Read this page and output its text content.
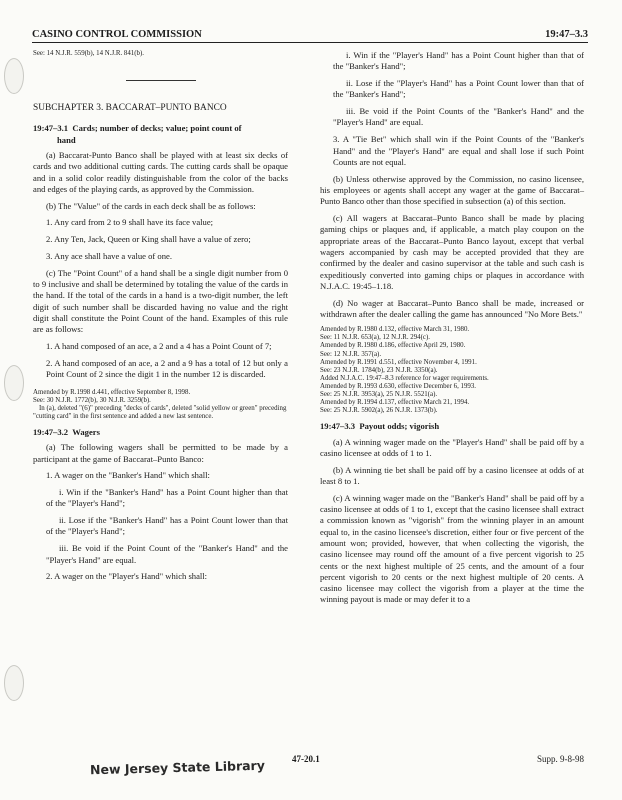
CASINO CONTROL COMMISSION	19:47–3.3

See: 14 N.J.R. 559(b), 14 N.J.R. 841(b).

SUBCHAPTER 3. BACCARAT–PUNTO BANCO

19:47–3.1 Cards; number of decks; value; point count of
hand

(a) Baccarat-Punto Banco shall be played with at least six decks of cards and two additional cutting cards. The cutting cards shall be opaque and in a solid color readily distinguishable from the color of the backs and edges of the playing cards, as approved by the Commission.

(b) The "Value" of the cards in each deck shall be as follows:

1. Any card from 2 to 9 shall have its face value;

2. Any Ten, Jack, Queen or King shall have a value of zero;

3. Any ace shall have a value of one.

(c) The "Point Count" of a hand shall be a single digit number from 0 to 9 inclusive and shall be determined by totaling the value of the cards in the hand. If the total of the cards in a hand is a two-digit number, the left digit of such number shall be discarded having no value and the right digit shall constitute the Point Count of the hand. Examples of this rule are as follows:

1. A hand composed of an ace, a 2 and a 4 has a Point Count of 7;

2. A hand composed of an ace, a 2 and a 9 has a total of 12 but only a Point Count of 2 since the digit 1 in the number 12 is discarded.

Amended by R.1998 d.441, effective September 8, 1998.

See: 30 N.J.R. 1772(b), 30 N.J.R. 3259(b).

In (a), deleted "(6)" preceding "decks of cards", deleted "solid yellow or green" preceding "cutting card" in the first sentence and added a new last sentence.

19:47–3.2 Wagers

(a) The following wagers shall be permitted to be made by a participant at the game of Baccarat–Punto Banco:

1. A wager on the "Banker's Hand" which shall:

i. Win if the "Banker's Hand" has a Point Count higher than that of the "Player's Hand";

ii. Lose if the "Banker's Hand" has a Point Count lower than that of the "Player's Hand";

iii. Be void if the Point Count of the "Banker's Hand" and the "Player's Hand" are equal.

2. A wager on the "Player's Hand" which shall:

i. Win if the "Player's Hand" has a Point Count higher than that of the "Banker's Hand";

ii. Lose if the "Player's Hand" has a Point Count lower than that of the "Banker's Hand";

iii. Be void if the Point Counts of the "Banker's Hand" and the "Player's Hand" are equal.

3. A "Tie Bet" which shall win if the Point Counts of the "Banker's Hand" and the "Player's Hand" are equal and shall lose if such Point Counts are not equal.

(b) Unless otherwise approved by the Commission, no casino licensee, his employees or agents shall accept any wager at the game of Baccarat–Punto Banco other than those specified in subsection (a) of this section.

(c) All wagers at Baccarat–Punto Banco shall be made by placing gaming chips or plaques and, if applicable, a match play coupon on the appropriate areas of the Baccarat–Punto Banco layout, except that verbal wagers accompanied by cash may be accepted provided that they are confirmed by the dealer and casino supervisor at the table and such cash is expeditiously converted into gaming chips or plaques in accordance with N.J.A.C. 19:45–1.18.

(d) No wager at Baccarat–Punto Banco shall be made, increased or withdrawn after the dealer calling the game has announced "No More Bets."

Amended by R.1980 d.132, effective March 31, 1980.

See: 11 N.J.R. 653(a), 12 N.J.R. 294(c).

Amended by R.1980 d.186, effective April 29, 1980.

See: 12 N.J.R. 357(a).

Amended by R.1991 d.551, effective November 4, 1991.

See: 23 N.J.R. 1784(b), 23 N.J.R. 3350(a).

Added N.J.A.C. 19:47–8.3 reference for wager requirements.

Amended by R.1993 d.630, effective December 6, 1993.

See: 25 N.J.R. 3953(a), 25 N.J.R. 5521(a).

Amended by R.1994 d.137, effective March 21, 1994.

See: 25 N.J.R. 5902(a), 26 N.J.R. 1373(b).

19:47–3.3 Payout odds; vigorish

(a) A winning wager made on the "Player's Hand" shall be paid off by a casino licensee at odds of 1 to 1.

(b) A winning tie bet shall be paid off by a casino licensee at odds of at least 8 to 1.

(c) A winning wager made on the "Banker's Hand" shall be paid off by a casino licensee at odds of 1 to 1, except that the casino licensee shall extract a commission known as "vigorish" from the winning player in an amount equal to, in the casino licensee's discretion, either four or five percent of the amount won; provided, however, that when collecting the vigorish, the casino licensee may round off the amount of a five percent vigorish to 25 cents or the next highest multiple of 25 cents, and the amount of a four percent vigorish to 20 cents or the next highest multiple of 20 cents. A casino licensee may collect the vigorish from a player at the time the winning payout is made or may defer it to a

New Jersey State Library	47-20.1	Supp. 9-8-98
